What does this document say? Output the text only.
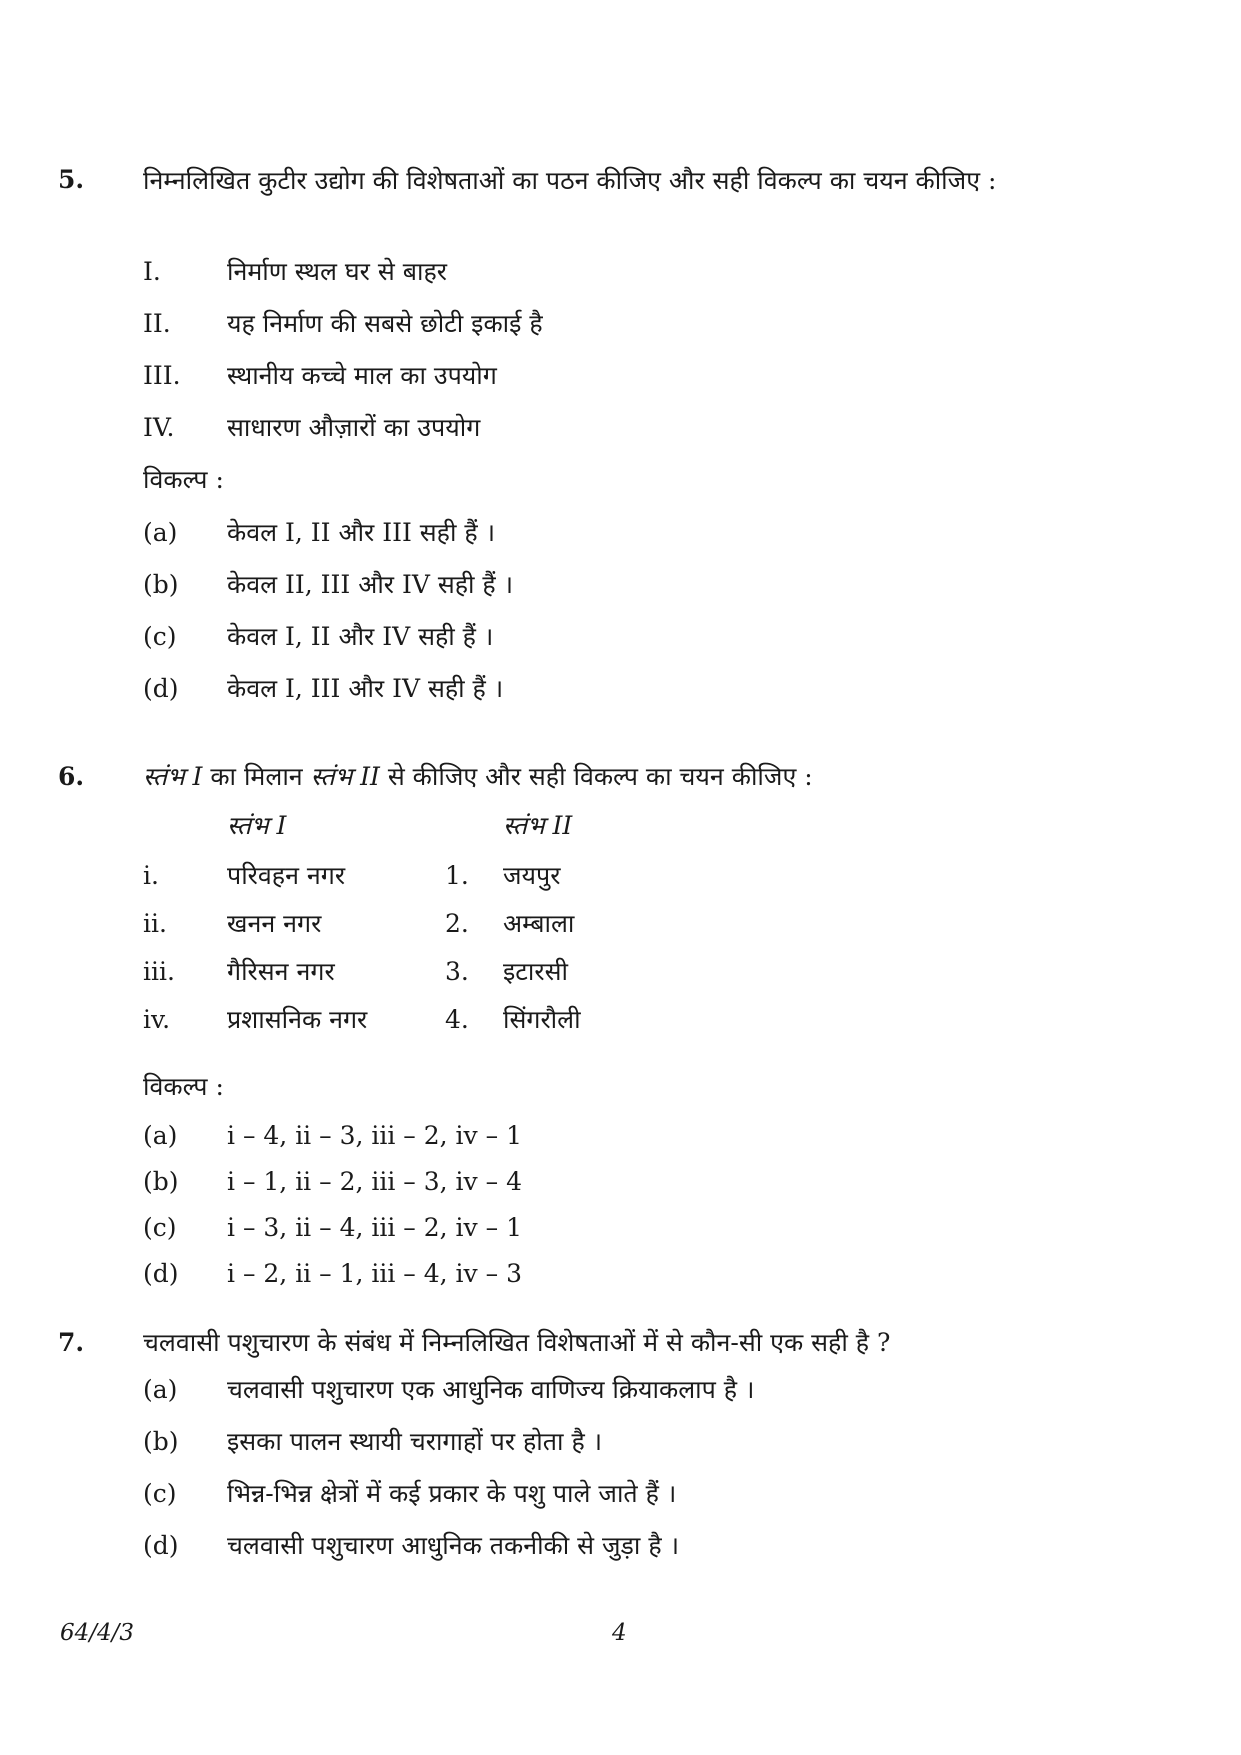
5. निम्नलिखित कुटीर उद्योग की विशेषताओं का पठन कीजिए और सही विकल्प का चयन कीजिए :
I.	निर्माण स्थल घर से बाहर
II. यह निर्माण की सबसे छोटी इकाई है
III. स्थानीय कच्चे माल का उपयोग
IV. साधारण औज़ारों का उपयोग
विकल्प :
(a) केवल I, II और III सही हैं ।
(b) केवल II, III और IV सही हैं ।
(c) केवल I, II और IV सही हैं ।
(d) केवल I, III और IV सही हैं ।
6. स्तंभ I का मिलान स्तंभ II से कीजिए और सही विकल्प का चयन कीजिए :
स्तंभ I	स्तंभ II
i.	परिवहन नगर	1. जयपुर
ii. खनन नगर	2. अम्बाला
iii. गैरिसन नगर	3. इटारसी
iv. प्रशासनिक नगर	4. सिंगरौली
विकल्प :
(a) i – 4, ii – 3, iii – 2, iv – 1
(b) i – 1, ii – 2, iii – 3, iv – 4
(c) i – 3, ii – 4, iii – 2, iv – 1
(d) i – 2, ii – 1, iii – 4, iv – 3
7. चलवासी पशुचारण के संबंध में निम्नलिखित विशेषताओं में से कौन-सी एक सही है ?
(a) चलवासी पशुचारण एक आधुनिक वाणिज्य क्रियाकलाप है ।
(b) इसका पालन स्थायी चरागाहों पर होता है ।
(c) भिन्न-भिन्न क्षेत्रों में कई प्रकार के पशु पाले जाते हैं ।
(d) चलवासी पशुचारण आधुनिक तकनीकी से जुड़ा है ।
64/4/3	4
